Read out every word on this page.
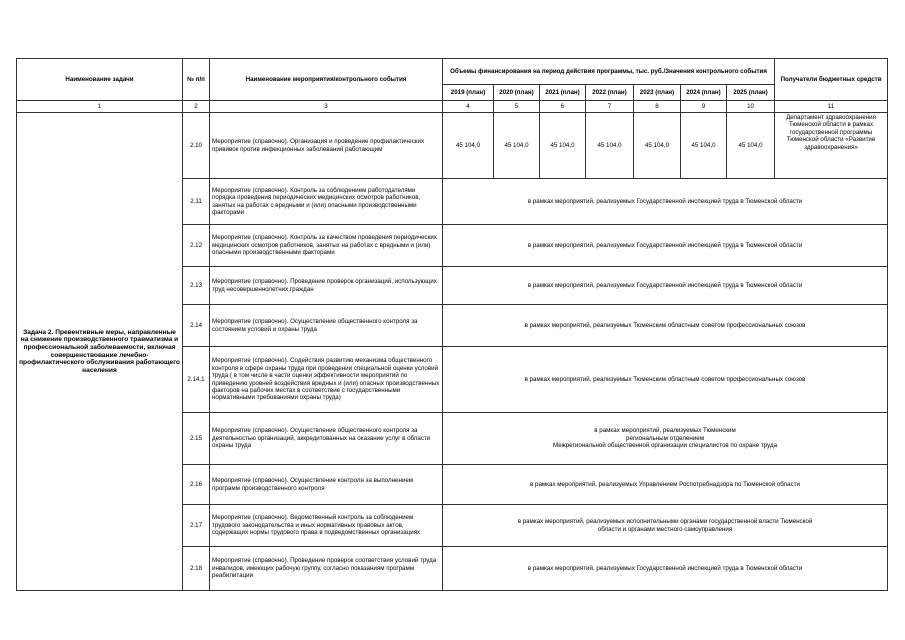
Наименование задачи	№ п/п	Наименование мероприятия/контрольного события	Объемы финансирования на период действия программы, тыс. руб./Значения контрольного события							Получатели бюджетных средств
			2019 (план)	2020 (план)	2021 (план)	2022 (план)	2023 (план)	2024 (план)	2025 (план)	
1	2	3	4	5	6	7	8	9	10	11
Задача 2. Превентивные меры, направленные на снижение производственного травматизма и профессиональной заболеваемости, включая совершенствование лечебно-профилактического обслуживания работающего населения	2.10	Мероприятие (справочно). Организация и проведение профилактических прививок против инфекционных заболеваний работающим	45 104,0	45 104,0	45 104,0	45 104,0	45 104,0	45 104,0	45 104,0	Департамент здравоохранения Тюменской области в рамках государственной программы Тюменской области «Развитие здравоохранения»
	2.11	Мероприятие (справочно). Контроль за соблюдением работодателями порядка проведения периодических медицинских осмотров работников, занятых на работах с вредными и (или) опасными производственными факторами	в рамках мероприятий, реализуемых Государственной инспекцией труда в Тюменской области							
	2.12	Мероприятие (справочно). Контроль за качеством проведения периодических медицинских осмотров работников, занятых на работах с вредными и (или) опасными производственными факторами	в рамках мероприятий, реализуемых Государственной инспекцией труда в Тюменской области							
	2.13	Мероприятие (справочно). Проведение проверок организаций, использующих труд несовершеннолетних граждан	в рамках мероприятий, реализуемых Государственной инспекцией труда в Тюменской области							
	2.14	Мероприятие (справочно). Осуществление общественного контроля за состоянием условий и охраны труда	в рамках мероприятий, реализуемых Тюменским областным советом профессиональных союзов							
	2.14.1	Мероприятие (справочно). Содействия развитию механизма общественного контроля в сфере охраны труда при проведении специальной оценки условий труда ( в том числе в части оценки эффективности мероприятий по приведению уровней воздействия вредных и (или) опасных производственных факторов на рабочих местах в соответствие с государственными нормативными требованиями охраны труда)	в рамках мероприятий, реализуемых Тюменским областным советом профессиональных союзов							
	2.15	Мероприятие (справочно). Осуществление общественного контроля за деятельностью организаций, аккредитованных на оказание услуг в области охраны труда	в рамках мероприятий, реализуемых Тюменским
региональным отделением
Межрегиональной общественной организации специалистов по охране труда							

	2.16	Мероприятие (справочно). Осуществление контроля за выполнением программ производственного контроля	в рамках мероприятий, реализуемых Управлением Роспотребнадзора по Тюменской области							
	2.17	Мероприятие (справочно). Ведомственный контроль за соблюдением трудового законодательства и иных нормативных правовых актов, содержащих нормы трудового права в подведомственных организациях	в рамках мероприятий, реализуемых исполнительными органами государственной власти Тюменской
области и органами местного самоуправления							

	2.18	Мероприятие (справочно). Проведение проверок соответствия условий труда инвалидов, имеющих рабочую группу, согласно показаниям программ реабилитации	в рамках мероприятий, реализуемых Государственной инспекцией труда в Тюменской области							
